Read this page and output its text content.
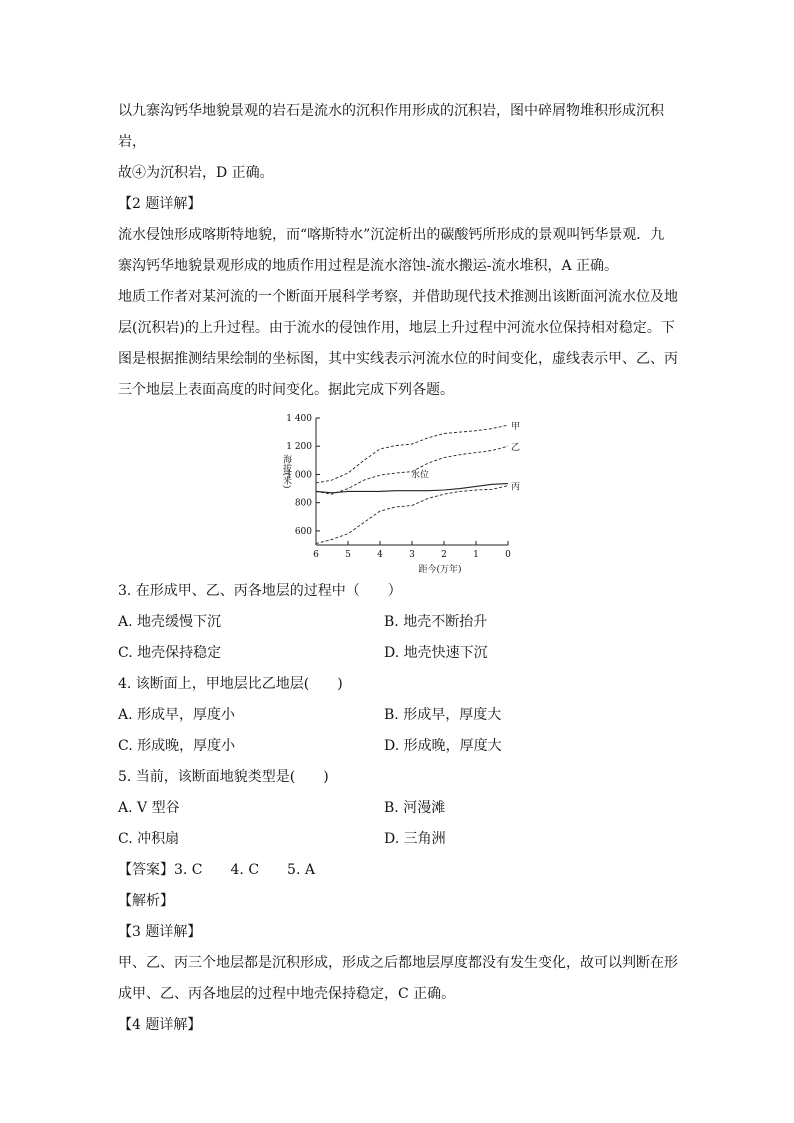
以九寨沟钙华地貌景观的岩石是流水的沉积作用形成的沉积岩，图中碎屑物堆积形成沉积岩，

故④为沉积岩，D 正确。

【2 题详解】

流水侵蚀形成喀斯特地貌，而“喀斯特水”沉淀析出的碳酸钙所形成的景观叫钙华景观．九

寨沟钙华地貌景观形成的地质作用过程是流水溶蚀-流水搬运-流水堆积，A 正确。

地质工作者对某河流的一个断面开展科学考察，并借助现代技术推测出该断面河流水位及地

层(沉积岩)的上升过程。由于流水的侵蚀作用，地层上升过程中河流水位保持相对稳定。下

图是根据推测结果绘制的坐标图，其中实线表示河流水位的时间变化，虚线表示甲、乙、丙

三个地层上表面高度的时间变化。据此完成下列各题。

600
800
1 000
1 200
1 400
6	5	4	3	2	1	0
距今(万年)
海拔(米)
甲
乙
丙
水位

3. 在形成甲、乙、丙各地层的过程中（　　）

A. 地壳缓慢下沉	B. 地壳不断抬升
C. 地壳保持稳定	D. 地壳快速下沉

4. 该断面上，甲地层比乙地层(　　)

A. 形成早，厚度小	B. 形成早，厚度大
C. 形成晚，厚度小	D. 形成晚，厚度大

5. 当前，该断面地貌类型是(　　)

A. V 型谷	B. 河漫滩
C. 冲积扇	D. 三角洲

【答案】3. C　　4. C　　5. A

【解析】

【3 题详解】

甲、乙、丙三个地层都是沉积形成，形成之后都地层厚度都没有发生变化，故可以判断在形

成甲、乙、丙各地层的过程中地壳保持稳定，C 正确。

【4 题详解】
